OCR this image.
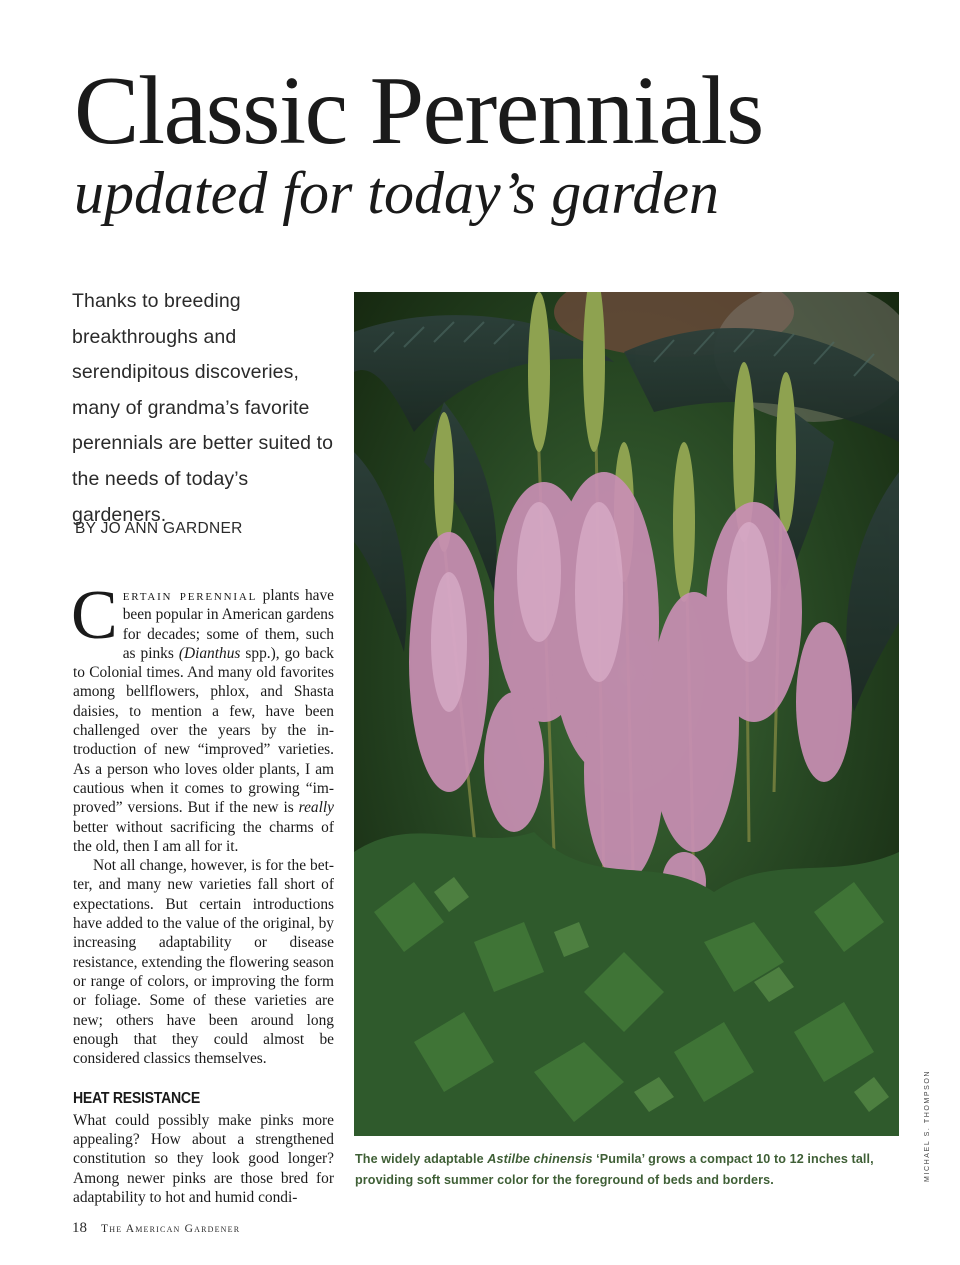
Classic Perennials
updated for today’s garden

Thanks to breeding breakthroughs and serendipitous discoveries, many of grandma’s favorite perennials are better suited to the needs of today’s gardeners.

BY JO ANN GARDNER

Certain perennial plants have been popular in American gardens for decades; some of them, such as pinks (Dianthus spp.), go back to Colonial times. And many old favorites among bellflowers, phlox, and Shasta daisies, to mention a few, have been challenged over the years by the introduction of new “improved” varieties. As a person who loves older plants, I am cautious when it comes to growing “improved” versions. But if the new is really better without sacrificing the charms of the old, then I am all for it.

Not all change, however, is for the better, and many new varieties fall short of expectations. But certain introductions have added to the value of the original, by increasing adaptability or disease resistance, extending the flowering season or range of colors, or improving the form or foliage. Some of these varieties are new; others have been around long enough that they could almost be considered classics themselves.

HEAT RESISTANCE

What could possibly make pinks more appealing? How about a strengthened constitution so they look good longer? Among newer pinks are those bred for adaptability to hot and humid condi-

The widely adaptable Astilbe chinensis ‘Pumila’ grows a compact 10 to 12 inches tall, providing soft summer color for the foreground of beds and borders.	MICHAEL S. THOMPSON

18 The American Gardener
